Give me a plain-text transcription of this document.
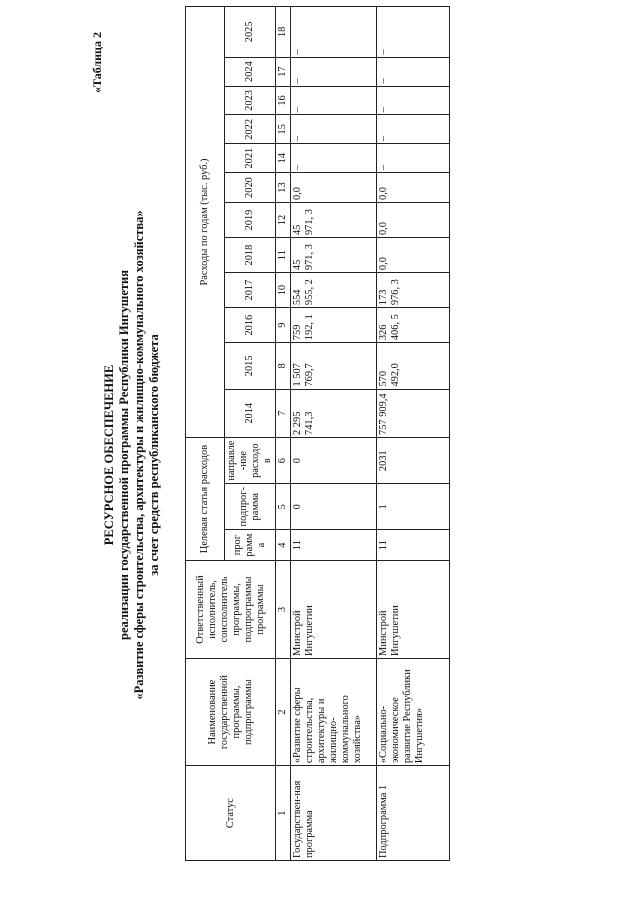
«Таблица 2
РЕСУРСНОЕ ОБЕСПЕЧЕНИЕ реализации государственной программы Республики Ингушетия «Развитие сферы строительства, архитектуры и жилищно-коммунального хозяйства» за счет средств республиканского бюджета
Статус	Наименование государственной программы, подпрограммы	Ответственный исполнитель, соисполнитель программы, подпрограммы программы	Целевая статья расходов			Расходы по годам (тыс. руб.)											
			прог рамм а	подпрог-рамма	направле -ние расходо в	2014	2015	2016	2017	2018	2019	2020	2021	2022	2023	2024	2025

1	2	3	4	5	6	7	8	9	10	11	12	13	14	15	16	17	18
Государствен-ная программа	«Развитие сферы строительства, архитектуры и жилищно-коммунального хозяйства»	Минстрой Ингушетии	11	0	0	2 295 741,3	1 507 769,7	759 192, 1	554 955, 2	45 971, 3	45 971, 3	0,0	–	–	–	–	–
Подпрограмма 1	«Социально-экономическое развитие Республики Ингушетия»	Минстрой Ингушетии	11	1	2031	757 909,4	570 492,0	326 406, 5	173 976, 3	0,0	0,0	0,0	–	–	–	–	–
